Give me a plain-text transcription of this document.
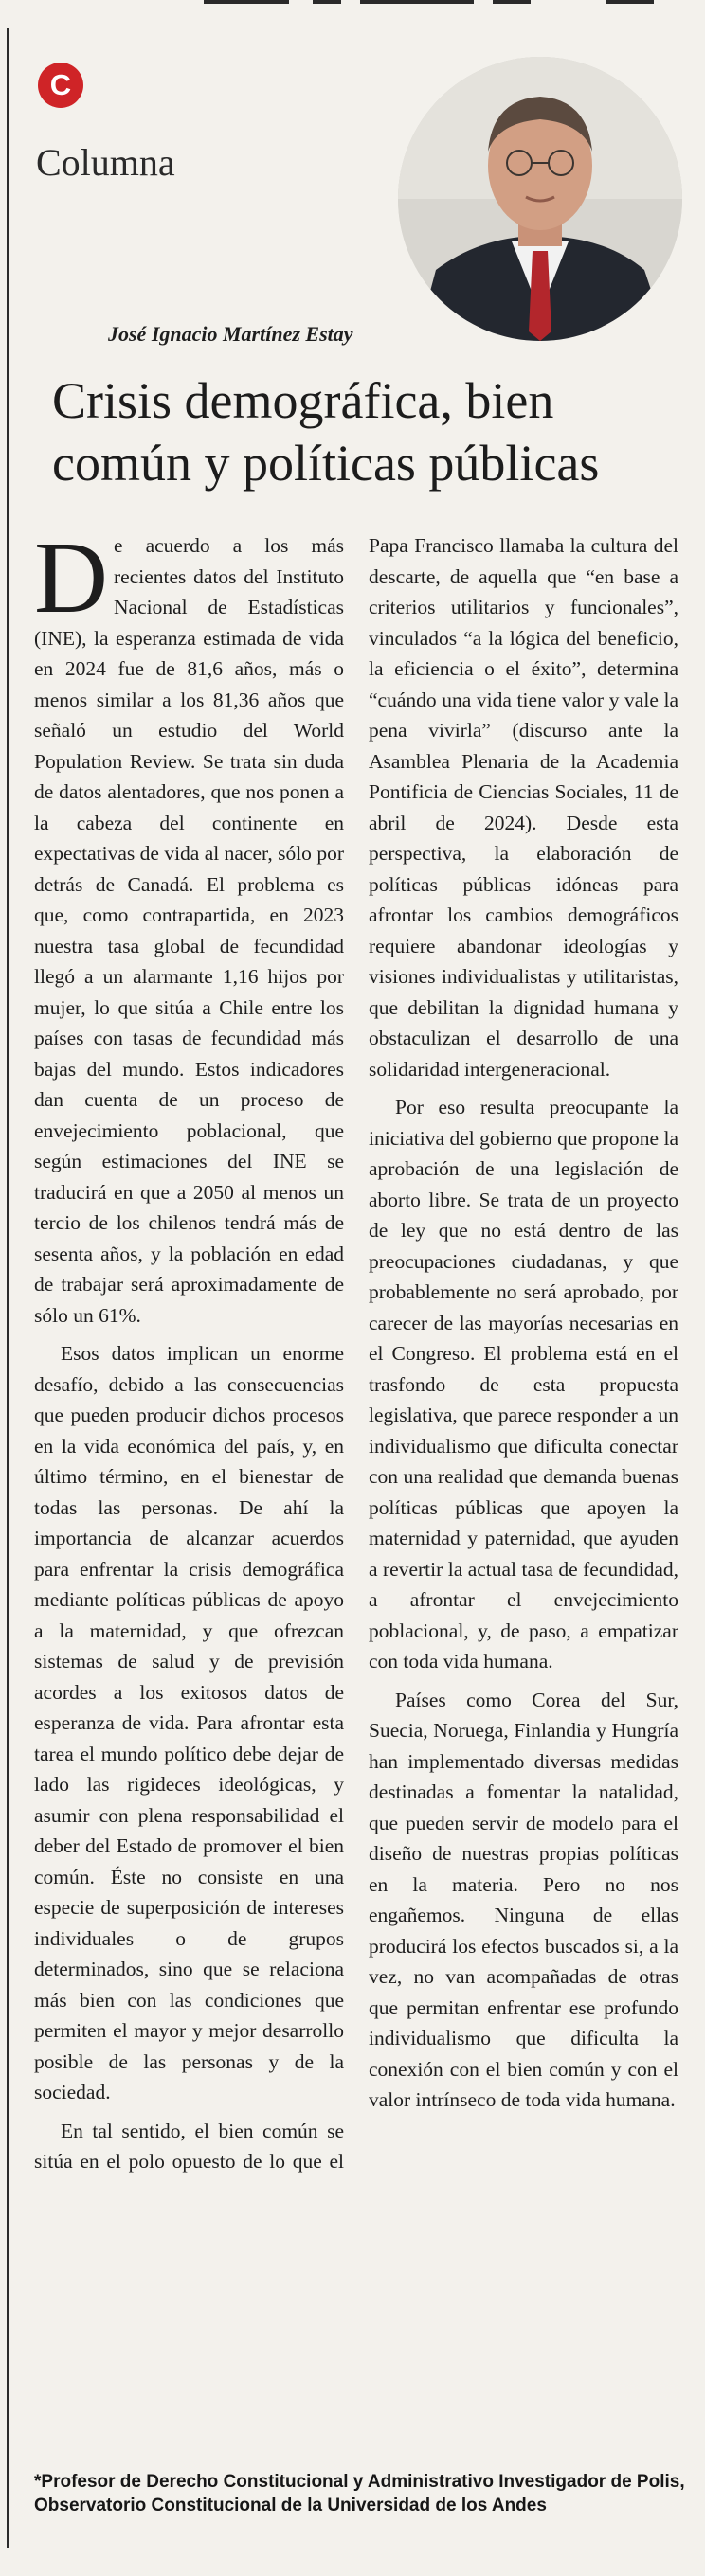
C
Columna
José Ignacio Martínez Estay
Crisis demográfica, bien común y políticas públicas

De acuerdo a los más recientes datos del Instituto Nacional de Estadísticas (INE), la esperanza estimada de vida en 2024 fue de 81,6 años, más o menos similar a los 81,36 años que señaló un estudio del World Population Review. Se trata sin duda de datos alentadores, que nos ponen a la cabeza del continente en expectativas de vida al nacer, sólo por detrás de Canadá. El problema es que, como contrapartida, en 2023 nuestra tasa global de fecundidad llegó a un alarmante 1,16 hijos por mujer, lo que sitúa a Chile entre los países con tasas de fecundidad más bajas del mundo. Estos indicadores dan cuenta de un proceso de envejecimiento poblacional, que según estimaciones del INE se traducirá en que a 2050 al menos un tercio de los chilenos tendrá más de sesenta años, y la población en edad de trabajar será aproximadamente de sólo un 61%.

Esos datos implican un enorme desafío, debido a las consecuencias que pueden producir dichos procesos en la vida económica del país, y, en último término, en el bienestar de todas las personas. De ahí la importancia de alcanzar acuerdos para enfrentar la crisis demográfica mediante políticas públicas de apoyo a la maternidad, y que ofrezcan sistemas de salud y de previsión acordes a los exitosos datos de esperanza de vida. Para afrontar esta tarea el mundo político debe dejar de lado las rigideces ideológicas, y asumir con plena responsabilidad el deber del Estado de promover el bien común. Éste no consiste en una especie de superposición de intereses individuales o de grupos determinados, sino que se relaciona más bien con las condiciones que permiten el mayor y mejor desarrollo posible de las personas y de la sociedad.

En tal sentido, el bien común se sitúa en el polo opuesto de lo que el Papa Francisco llamaba la cultura del descarte, de aquella que “en base a criterios utilitarios y funcionales”, vinculados “a la lógica del beneficio, la eficiencia o el éxito”, determina “cuándo una vida tiene valor y vale la pena vivirla” (discurso ante la Asamblea Plenaria de la Academia Pontificia de Ciencias Sociales, 11 de abril de 2024). Desde esta perspectiva, la elaboración de políticas públicas idóneas para afrontar los cambios demográficos requiere abandonar ideologías y visiones individualistas y utilitaristas, que debilitan la dignidad humana y obstaculizan el desarrollo de una solidaridad intergeneracional.

Por eso resulta preocupante la iniciativa del gobierno que propone la aprobación de una legislación de aborto libre. Se trata de un proyecto de ley que no está dentro de las preocupaciones ciudadanas, y que probablemente no será aprobado, por carecer de las mayorías necesarias en el Congreso. El problema está en el trasfondo de esta propuesta legislativa, que parece responder a un individualismo que dificulta conectar con una realidad que demanda buenas políticas públicas que apoyen la maternidad y paternidad, que ayuden a revertir la actual tasa de fecundidad, a afrontar el envejecimiento poblacional, y, de paso, a empatizar con toda vida humana.

Países como Corea del Sur, Suecia, Noruega, Finlandia y Hungría han implementado diversas medidas destinadas a fomentar la natalidad, que pueden servir de modelo para el diseño de nuestras propias políticas en la materia. Pero no nos engañemos. Ninguna de ellas producirá los efectos buscados si, a la vez, no van acompañadas de otras que permitan enfrentar ese profundo individualismo que dificulta la conexión con el bien común y con el valor intrínseco de toda vida humana.

*Profesor de Derecho Constitucional y Administrativo Investigador de Polis, Observatorio Constitucional de la Universidad de los Andes
